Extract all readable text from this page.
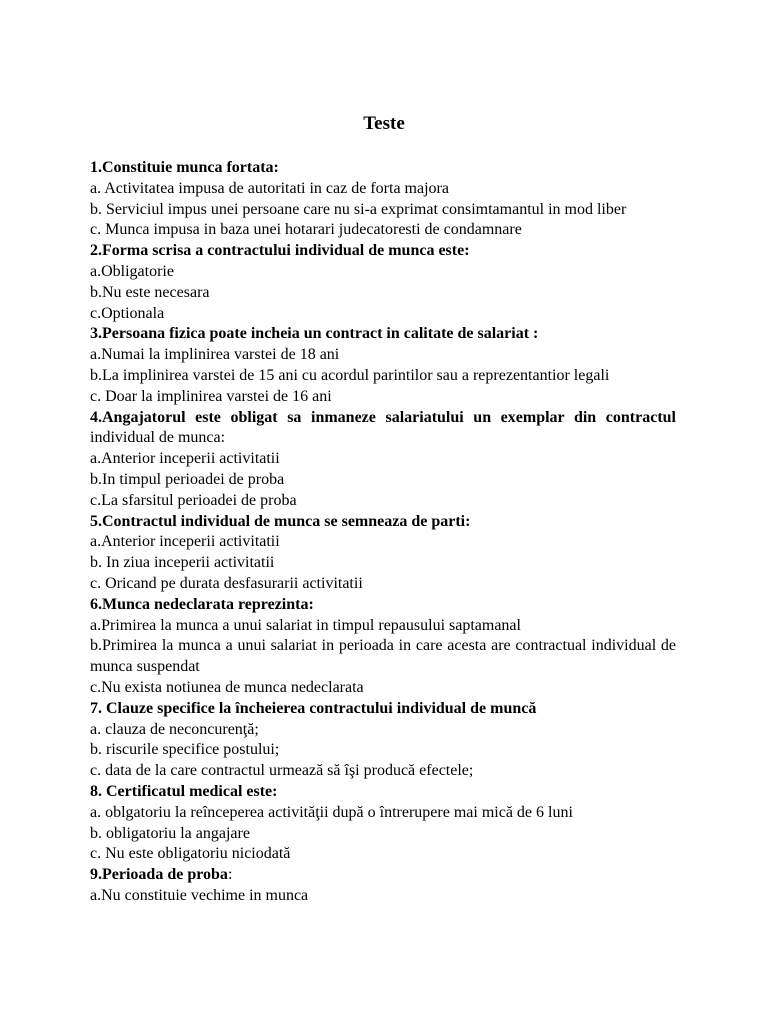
Teste
1.Constituie munca fortata:
a. Activitatea impusa de autoritati in caz de forta majora
b. Serviciul impus unei persoane care nu si-a exprimat consimtamantul in mod liber
c. Munca impusa in baza unei hotarari judecatoresti de condamnare
2.Forma scrisa a contractului individual de munca este:
a.Obligatorie
b.Nu este necesara
c.Optionala
3.Persoana fizica poate incheia un contract in calitate de salariat :
a.Numai la implinirea varstei de 18 ani
b.La implinirea varstei de 15 ani cu acordul parintilor sau a reprezentantior legali
c. Doar la implinirea varstei de 16 ani
4.Angajatorul este obligat sa inmaneze salariatului un exemplar din contractul individual de munca:
a.Anterior inceperii activitatii
b.In timpul perioadei de proba
c.La sfarsitul perioadei de proba
5.Contractul individual de munca se semneaza de parti:
a.Anterior inceperii activitatii
b. In ziua inceperii activitatii
c. Oricand pe durata desfasurarii activitatii
6.Munca nedeclarata reprezinta:
a.Primirea la munca a unui salariat in timpul repausului saptamanal
b.Primirea la munca a unui salariat in perioada in care acesta are contractual individual de munca suspendat
c.Nu exista notiunea de munca nedeclarata
7. Clauze specifice la încheierea contractului individual de muncă
a. clauza de neconcurenţă;
b. riscurile specifice postului;
c. data de la care contractul urmează să îşi producă efectele;
8. Certificatul medical este:
a. oblgatoriu la reînceperea activităţii după o întrerupere mai mică de 6 luni
b. obligatoriu la angajare
c. Nu este obligatoriu niciodată
9.Perioada de proba:
a.Nu constituie vechime in munca
